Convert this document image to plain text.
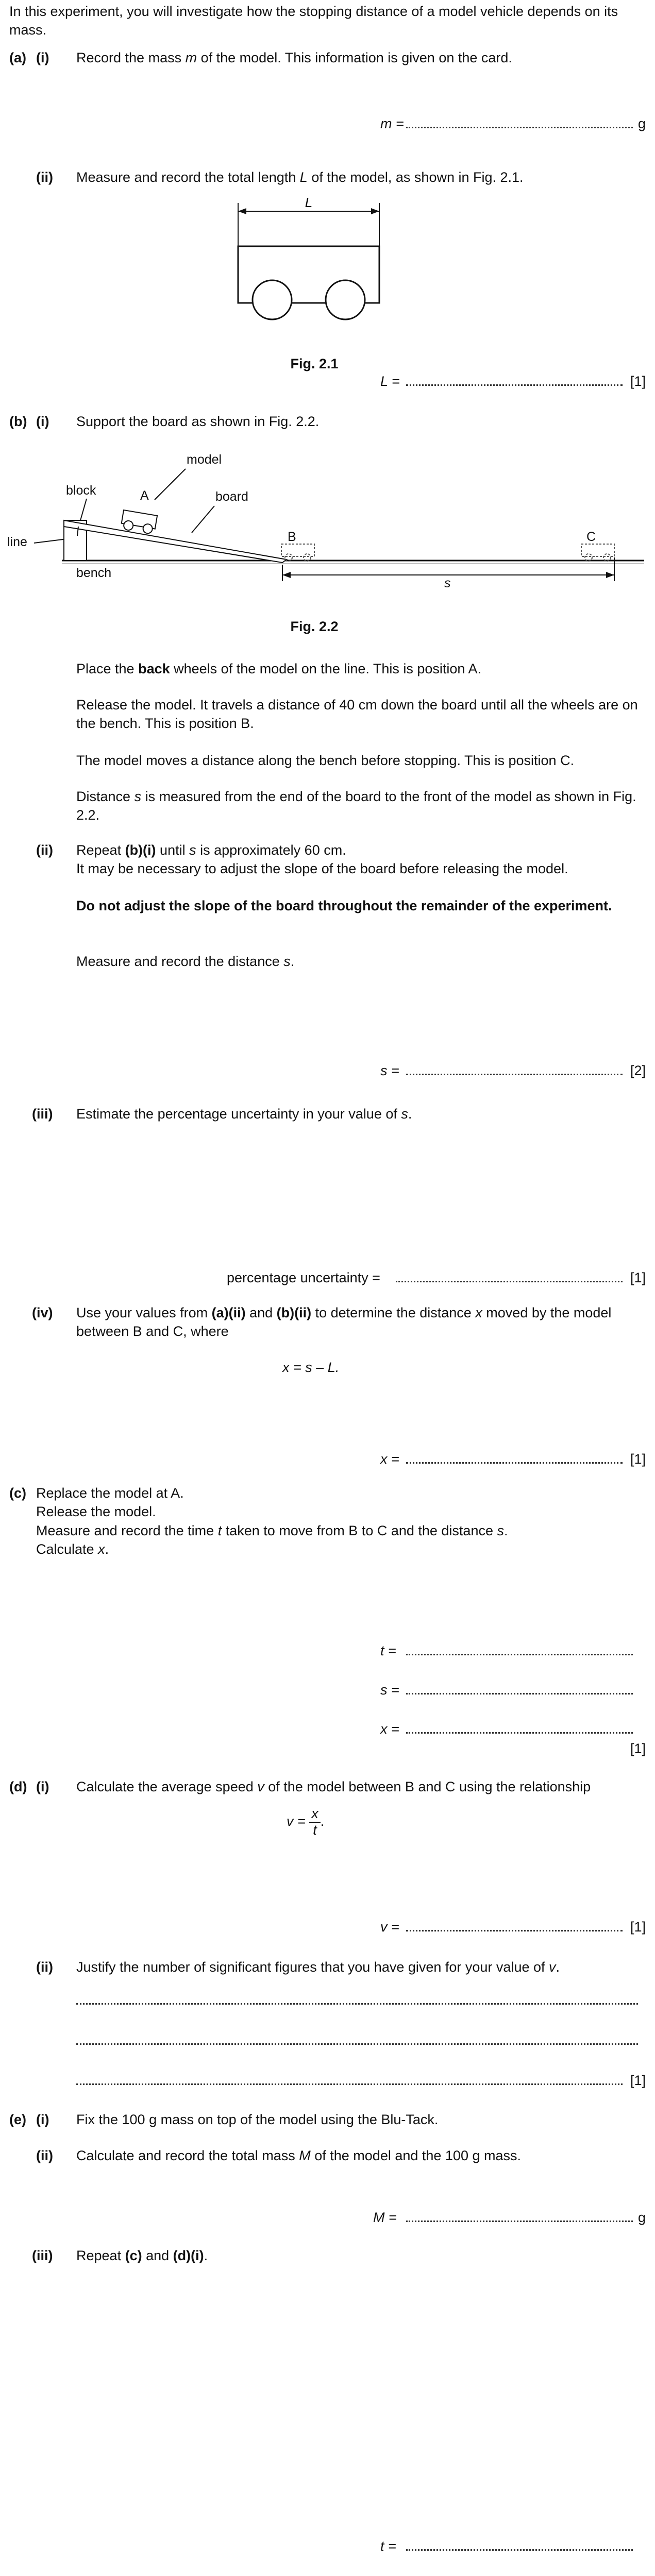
In this experiment, you will investigate how the stopping distance of a model vehicle depends on its mass.

(a) (i) Record the mass m of the model. This information is given on the card.

m =	g
(ii) Measure and record the total length L of the model, as shown in Fig. 2.1.

L
Fig. 2.1
L =	[1]
(b) (i) Support the board as shown in Fig. 2.2.

model
block	A	board
line	B	C
bench
s
Fig. 2.2

Place the back wheels of the model on the line. This is position A.

Release the model. It travels a distance of 40 cm down the board until all the wheels are on the bench. This is position B.

The model moves a distance along the bench before stopping. This is position C.

Distance s is measured from the end of the board to the front of the model as shown in Fig. 2.2.

(ii) Repeat (b)(i) until s is approximately 60 cm.
It may be necessary to adjust the slope of the board before releasing the model.

Do not adjust the slope of the board throughout the remainder of the experiment.

Measure and record the distance s.

s =	[2]
(iii) Estimate the percentage uncertainty in your value of s.

percentage uncertainty =	[1]
(iv) Use your values from (a)(ii) and (b)(ii) to determine the distance x moved by the model between B and C, where

x = s – L.
x =	[1]
(c) Replace the model at A.
Release the model.
Measure and record the time t taken to move from B to C and the distance s.
Calculate x.

t =
s =
x =
[1]
(d) (i) Calculate the average speed v of the model between B and C using the relationship

$v = \frac{x}{t}$ .
v =	[1]
(ii) Justify the number of significant figures that you have given for your value of v.

[1]
(e) (i) Fix the 100 g mass on top of the model using the Blu-Tack.

(ii) Calculate and record the total mass M of the model and the 100 g mass.

M =	g
(iii) Repeat (c) and (d)(i).

t =
